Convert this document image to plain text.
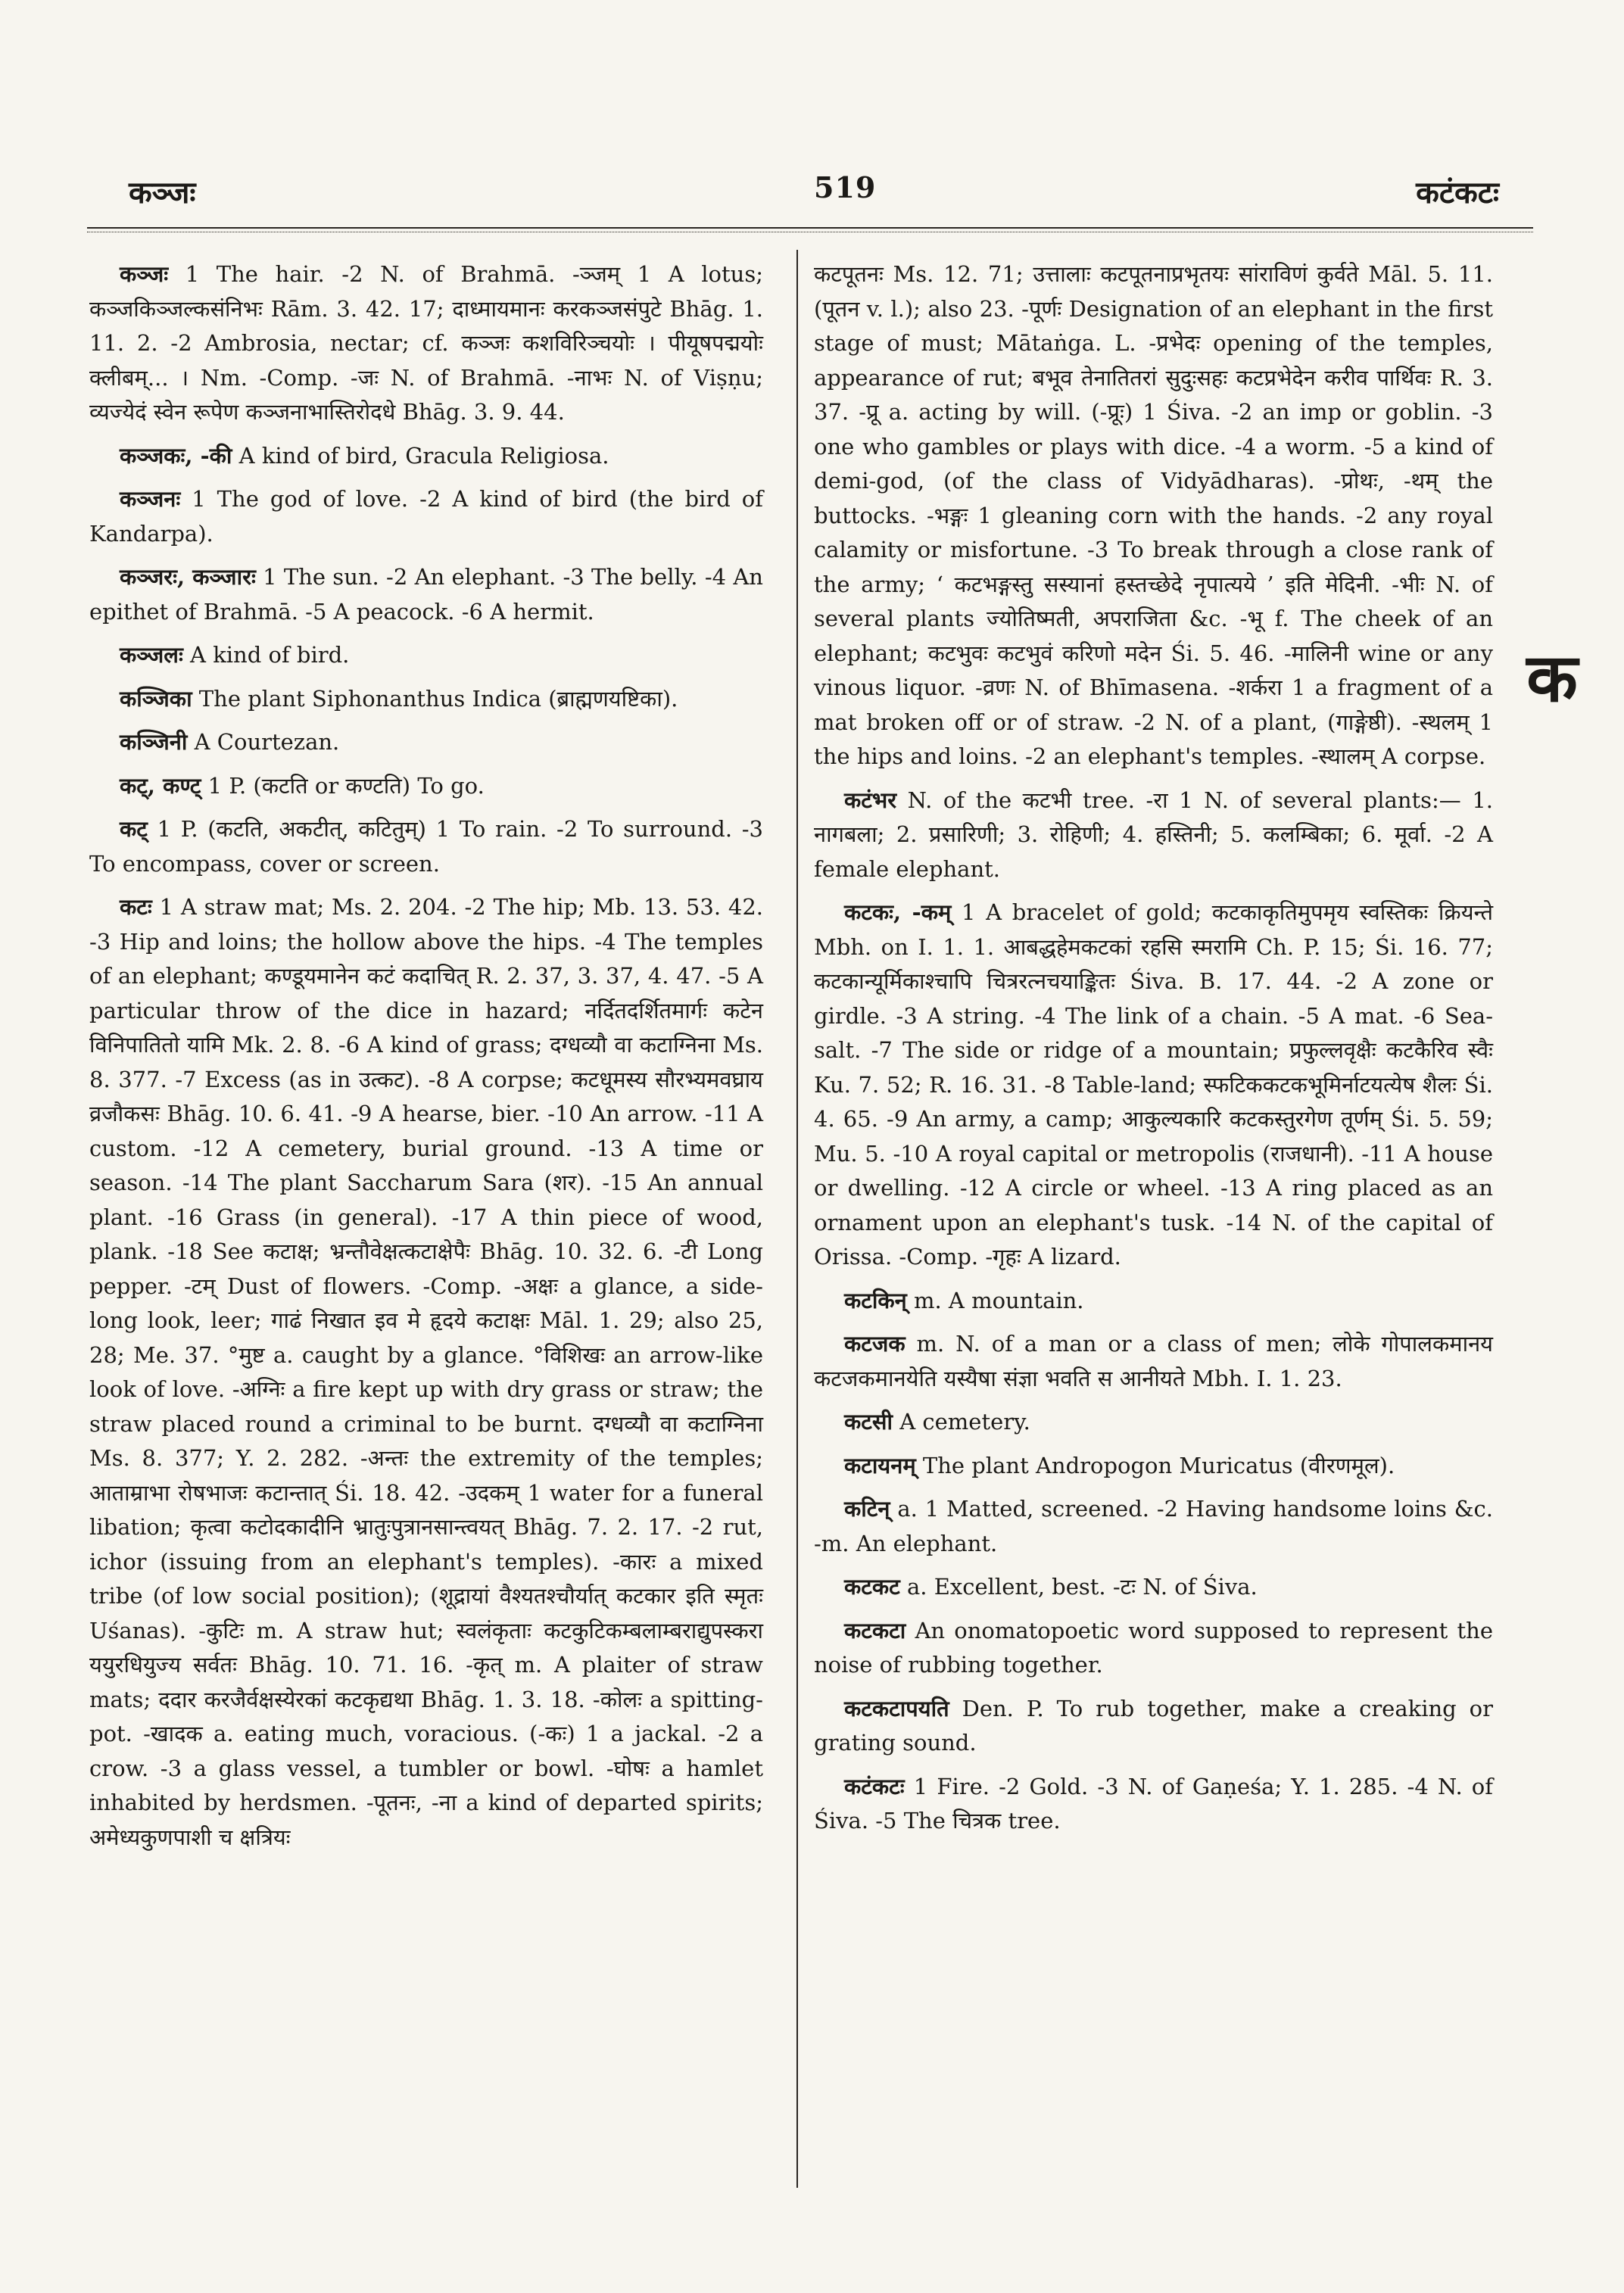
कञ्जः	519	कटंकटः

कञ्जः 1 The hair. -2 N. of Brahmā. -ञ्जम् 1 A lotus; कञ्जकिञ्जल्कसंनिभः Rām. 3. 42. 17; दाध्मायमानः करकञ्जसंपुटे Bhāg. 1. 11. 2. -2 Ambrosia, nectar; cf. कञ्जः कशविरिञ्चयोः । पीयूषपद्मयोः क्लीबम्... । Nm. -Comp. -जः N. of Brahmā. -नाभः N. of Viṣṇu; व्यज्येदं स्वेन रूपेण कञ्जनाभास्तिरोदधे Bhāg. 3. 9. 44.

कञ्जकः, -की A kind of bird, Gracula Religiosa.

कञ्जनः 1 The god of love. -2 A kind of bird (the bird of Kandarpa).

कञ्जरः, कञ्जारः 1 The sun. -2 An elephant. -3 The belly. -4 An epithet of Brahmā. -5 A peacock. -6 A hermit.

कञ्जलः A kind of bird.

कञ्जिका The plant Siphonanthus Indica (ब्राह्मणयष्टिका).

कञ्जिनी A Courtezan.

कट्, कण्ट् 1 P. (कटति or कण्टति) To go.

कट् 1 P. (कटति, अकटीत्, कटितुम्) 1 To rain. -2 To surround. -3 To encompass, cover or screen.

कटः 1 A straw mat; Ms. 2. 204. -2 The hip; Mb. 13. 53. 42. -3 Hip and loins; the hollow above the hips. -4 The temples of an elephant; कण्डूयमानेन कटं कदाचित् R. 2. 37, 3. 37, 4. 47. -5 A particular throw of the dice in hazard; नर्दितदर्शितमार्गः कटेन विनिपातितो यामि Mk. 2. 8. -6 A kind of grass; दग्धव्यौ वा कटाग्निना Ms. 8. 377. -7 Excess (as in उत्कट). -8 A corpse; कटधूमस्य सौरभ्यमवघ्राय व्रजौकसः Bhāg. 10. 6. 41. -9 A hearse, bier. -10 An arrow. -11 A custom. -12 A cemetery, burial ground. -13 A time or season. -14 The plant Saccharum Sara (शर). -15 An annual plant. -16 Grass (in general). -17 A thin piece of wood, plank. -18 See कटाक्ष; भ्रन्तौवेक्षत्कटाक्षेपैः Bhāg. 10. 32. 6. -टी Long pepper. -टम् Dust of flowers. -Comp. -अक्षः a glance, a side-long look, leer; गाढं निखात इव मे हृदये कटाक्षः Māl. 1. 29; also 25, 28; Me. 37. °मुष्ट a. caught by a glance. °विशिखः an arrow-like look of love. -अग्निः a fire kept up with dry grass or straw; the straw placed round a criminal to be burnt. दग्धव्यौ वा कटाग्निना Ms. 8. 377; Y. 2. 282. -अन्तः the extremity of the temples; आताम्राभा रोषभाजः कटान्तात् Śi. 18. 42. -उदकम् 1 water for a funeral libation; कृत्वा कटोदकादीनि भ्रातुःपुत्रानसान्त्वयत् Bhāg. 7. 2. 17. -2 rut, ichor (issuing from an elephant's temples). -कारः a mixed tribe (of low social position); (शूद्रायां वैश्यतश्चौर्यात् कटकार इति स्मृतः Uśanas). -कुटिः m. A straw hut; स्वलंकृताः कटकुटिकम्बलाम्बराद्युपस्करा ययुरधियुज्य सर्वतः Bhāg. 10. 71. 16. -कृत् m. A plaiter of straw mats; ददार करजैर्वक्षस्येरकां कटकृद्यथा Bhāg. 1. 3. 18. -कोलः a spitting-pot. -खादक a. eating much, voracious. (-कः) 1 a jackal. -2 a crow. -3 a glass vessel, a tumbler or bowl. -घोषः a hamlet inhabited by herdsmen. -पूतनः, -ना a kind of departed spirits; अमेध्यकुणपाशी च क्षत्रियः

कटपूतनः Ms. 12. 71; उत्तालाः कटपूतनाप्रभृतयः सांराविणं कुर्वते Māl. 5. 11. (पूतन v. l.); also 23. -पूर्णः Designation of an elephant in the first stage of must; Mātaṅga. L. -प्रभेदः opening of the temples, appearance of rut; बभूव तेनातितरां सुदुःसहः कटप्रभेदेन करीव पार्थिवः R. 3. 37. -प्रू a. acting by will. (-प्रूः) 1 Śiva. -2 an imp or goblin. -3 one who gambles or plays with dice. -4 a worm. -5 a kind of demi-god, (of the class of Vidyādharas). -प्रोथः, -थम् the buttocks. -भङ्गः 1 gleaning corn with the hands. -2 any royal calamity or misfortune. -3 To break through a close rank of the army; ‘ कटभङ्गस्तु सस्यानां हस्तच्छेदे नृपात्यये ’ इति मेदिनी. -भीः N. of several plants ज्योतिष्मती, अपराजिता &c. -भू f. The cheek of an elephant; कटभुवः कटभुवं करिणो मदेन Śi. 5. 46. -मालिनी wine or any vinous liquor. -व्रणः N. of Bhīmasena. -शर्करा 1 a fragment of a mat broken off or of straw. -2 N. of a plant, (गाङ्गेष्ठी). -स्थलम् 1 the hips and loins. -2 an elephant's temples. -स्थालम् A corpse.

कटंभर N. of the कटभी tree. -रा 1 N. of several plants:— 1. नागबला; 2. प्रसारिणी; 3. रोहिणी; 4. हस्तिनी; 5. कलम्बिका; 6. मूर्वा. -2 A female elephant.

कटकः, -कम् 1 A bracelet of gold; कटकाकृतिमुपमृय स्वस्तिकः क्रियन्ते Mbh. on I. 1. 1. आबद्धहेमकटकां रहसि स्मरामि Ch. P. 15; Śi. 16. 77; कटकान्यूर्मिकाश्चापि चित्ररत्नचयाङ्कितः Śiva. B. 17. 44. -2 A zone or girdle. -3 A string. -4 The link of a chain. -5 A mat. -6 Sea-salt. -7 The side or ridge of a mountain; प्रफुल्लवृक्षैः कटकैरिव स्वैः Ku. 7. 52; R. 16. 31. -8 Table-land; स्फटिककटकभूमिर्नाटयत्येष शैलः Śi. 4. 65. -9 An army, a camp; आकुल्यकारि कटकस्तुरगेण तूर्णम् Śi. 5. 59; Mu. 5. -10 A royal capital or metropolis (राजधानी). -11 A house or dwelling. -12 A circle or wheel. -13 A ring placed as an ornament upon an elephant's tusk. -14 N. of the capital of Orissa. -Comp. -गृहः A lizard.

कटकिन् m. A mountain.

कटजक m. N. of a man or a class of men; लोके गोपालकमानय कटजकमानयेति यस्यैषा संज्ञा भवति स आनीयते Mbh. I. 1. 23.

कटसी A cemetery.

कटायनम् The plant Andropogon Muricatus (वीरणमूल).

कटिन् a. 1 Matted, screened. -2 Having handsome loins &c. -m. An elephant.

कटकट a. Excellent, best. -टः N. of Śiva.

कटकटा An onomatopoetic word supposed to represent the noise of rubbing together.

कटकटापयति Den. P. To rub together, make a creaking or grating sound.

कटंकटः 1 Fire. -2 Gold. -3 N. of Gaṇeśa; Y. 1. 285. -4 N. of Śiva. -5 The चित्रक tree.

क
